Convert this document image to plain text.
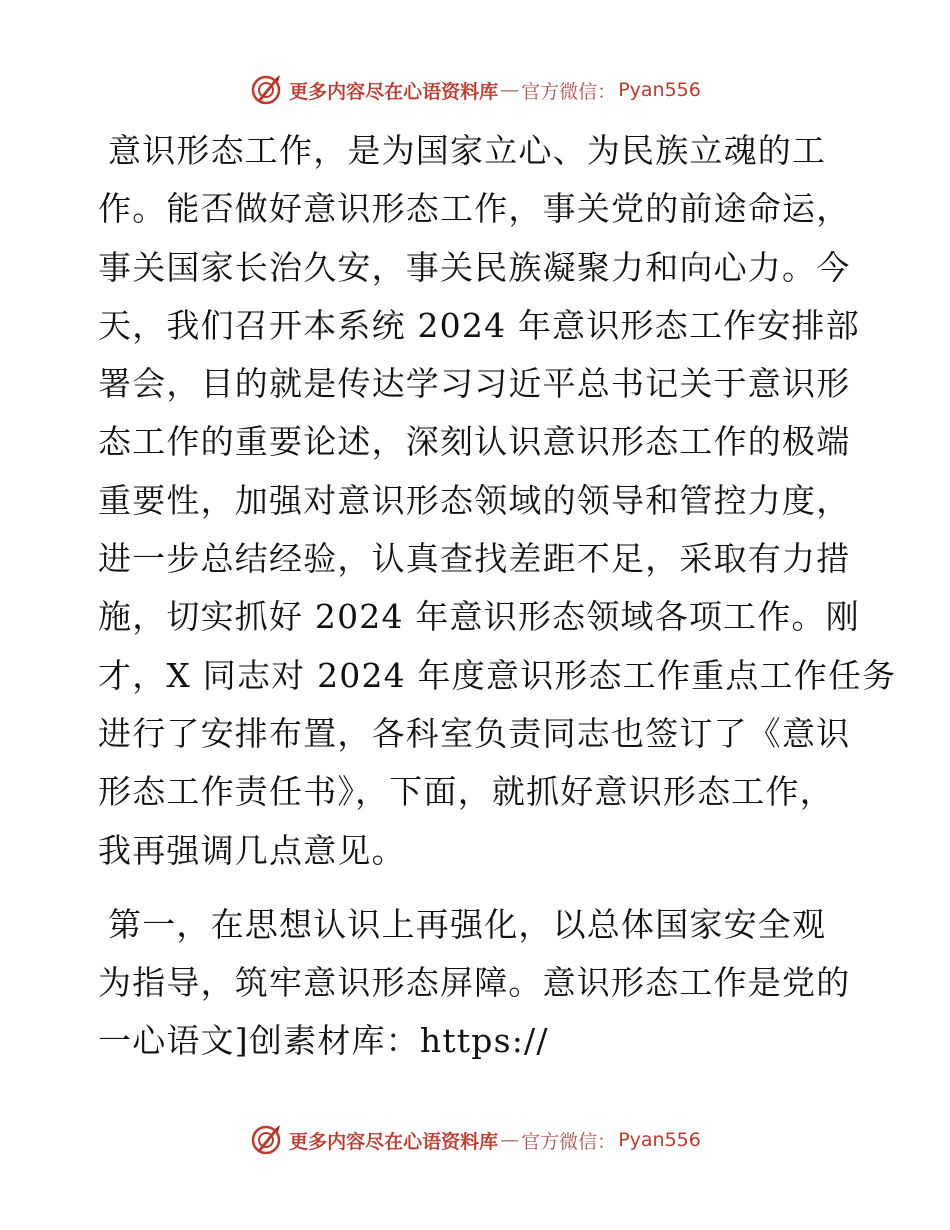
更多内容尽在心语资料库 — 官方微信： Pyan556

意识形态工作，是为国家立心、为民族立魂的工
作。能否做好意识形态工作，事关党的前途命运，
事关国家长治久安，事关民族凝聚力和向心力。今
天，我们召开本系统 2024 年意识形态工作安排部
署会，目的就是传达学习习近平总书记关于意识形
态工作的重要论述，深刻认识意识形态工作的极端
重要性，加强对意识形态领域的领导和管控力度，
进一步总结经验，认真查找差距不足，采取有力措
施，切实抓好 2024 年意识形态领域各项工作。刚
才，X 同志对 2024 年度意识形态工作重点工作任务
进行了安排布置，各科室负责同志也签订了《意识
形态工作责任书》，下面，就抓好意识形态工作，
我再强调几点意见。

第一，在思想认识上再强化，以总体国家安全观
为指导，筑牢意识形态屏障。意识形态工作是党的
一心语文]创素材库：https://

更多内容尽在心语资料库 — 官方微信： Pyan556
